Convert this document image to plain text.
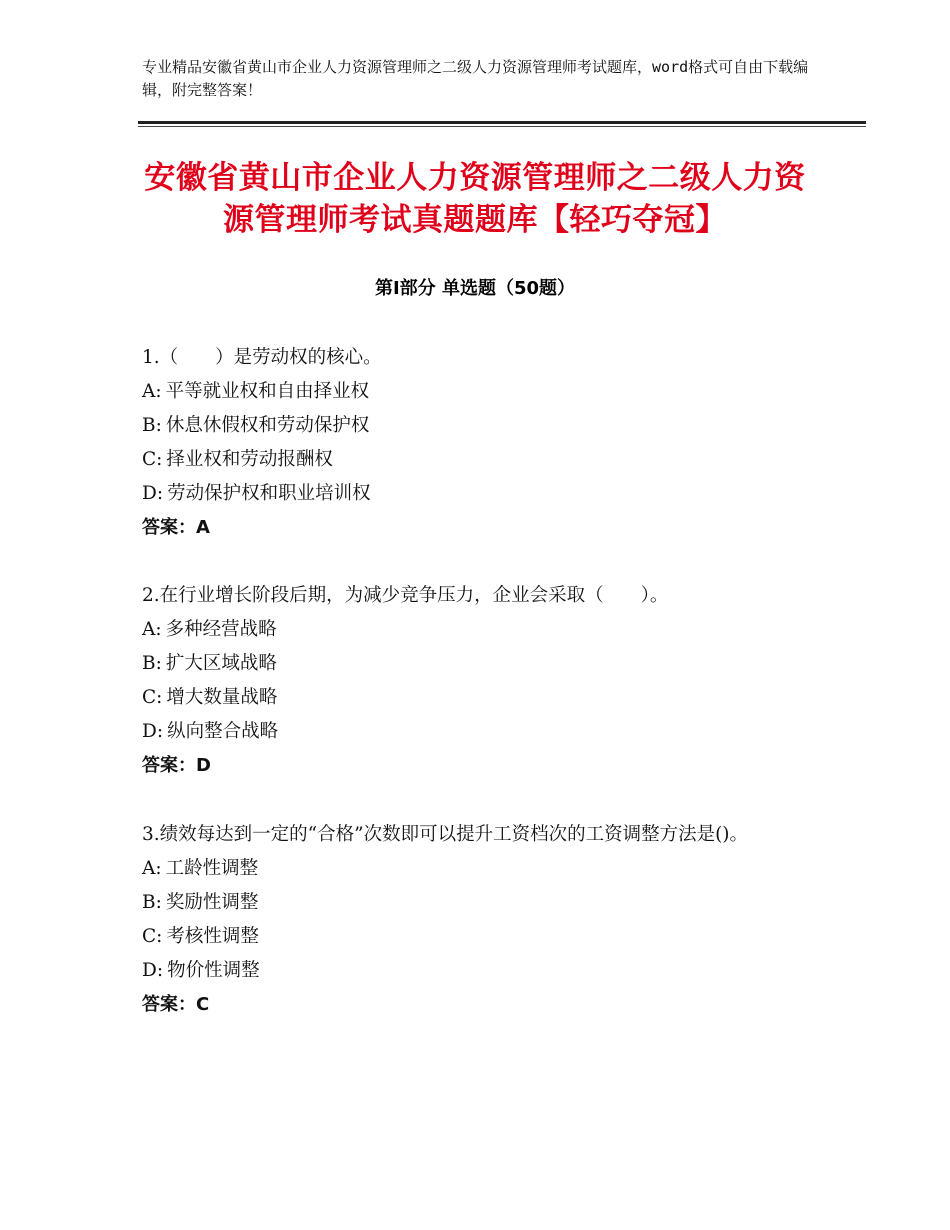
专业精品安徽省黄山市企业人力资源管理师之二级人力资源管理师考试题库，word格式可自由下载编辑，附完整答案！
安徽省黄山市企业人力资源管理师之二级人力资源管理师考试真题题库【轻巧夺冠】
第Ⅰ部分 单选题（50题）

1.（　　）是劳动权的核心。

A: 平等就业权和自由择业权

B: 休息休假权和劳动保护权

C: 择业权和劳动报酬权

D: 劳动保护权和职业培训权

答案：A

2.在行业增长阶段后期，为减少竞争压力，企业会采取（　　）。

A: 多种经营战略

B: 扩大区域战略

C: 增大数量战略

D: 纵向整合战略

答案：D

3.绩效每达到一定的“合格”次数即可以提升工资档次的工资调整方法是()。

A: 工龄性调整

B: 奖励性调整

C: 考核性调整

D: 物价性调整

答案：C
